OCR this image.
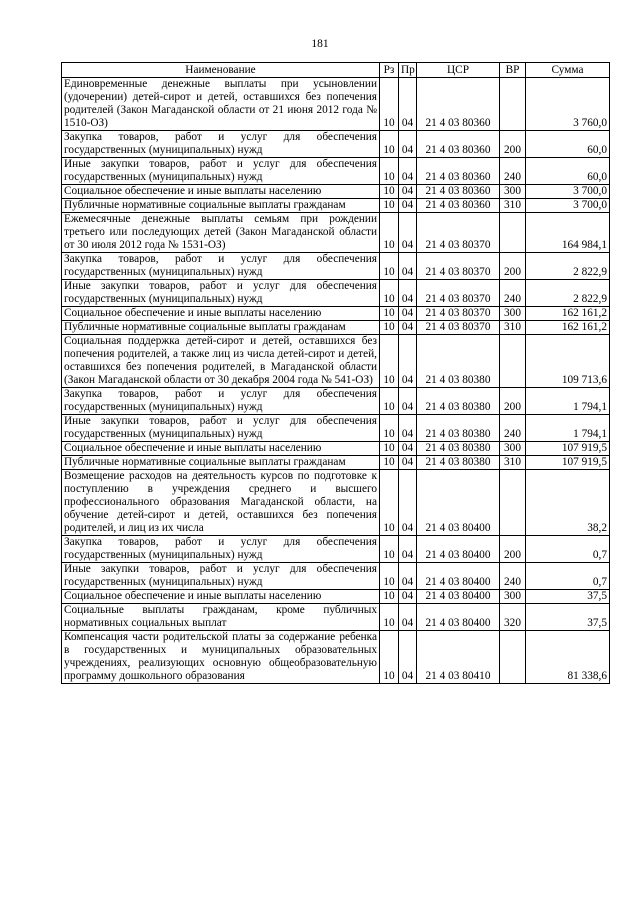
181
Наименование	Рз	Пр	ЦСР	ВР	Сумма
Единовременные денежные выплаты при усыновлении (удочерении) детей-сирот и детей, оставшихся без попечения родителей (Закон Магаданской области от 21 июня 2012 года № 1510-ОЗ)	10	04	21 4 03 80360		3 760,0
Закупка товаров, работ и услуг для обеспечения государственных (муниципальных) нужд	10	04	21 4 03 80360	200	60,0
Иные закупки товаров, работ и услуг для обеспечения государственных (муниципальных) нужд	10	04	21 4 03 80360	240	60,0
Социальное обеспечение и иные выплаты населению	10	04	21 4 03 80360	300	3 700,0
Публичные нормативные социальные выплаты гражданам	10	04	21 4 03 80360	310	3 700,0
Ежемесячные денежные выплаты семьям при рождении третьего или последующих детей (Закон Магаданской области от 30 июля 2012 года № 1531-ОЗ)	10	04	21 4 03 80370		164 984,1
Закупка товаров, работ и услуг для обеспечения государственных (муниципальных) нужд	10	04	21 4 03 80370	200	2 822,9
Иные закупки товаров, работ и услуг для обеспечения государственных (муниципальных) нужд	10	04	21 4 03 80370	240	2 822,9
Социальное обеспечение и иные выплаты населению	10	04	21 4 03 80370	300	162 161,2
Публичные нормативные социальные выплаты гражданам	10	04	21 4 03 80370	310	162 161,2
Социальная поддержка детей-сирот и детей, оставшихся без попечения родителей, а также лиц из числа детей-сирот и детей, оставшихся без попечения родителей, в Магаданской области (Закон Магаданской области от 30 декабря 2004 года № 541-ОЗ)	10	04	21 4 03 80380		109 713,6
Закупка товаров, работ и услуг для обеспечения государственных (муниципальных) нужд	10	04	21 4 03 80380	200	1 794,1
Иные закупки товаров, работ и услуг для обеспечения государственных (муниципальных) нужд	10	04	21 4 03 80380	240	1 794,1
Социальное обеспечение и иные выплаты населению	10	04	21 4 03 80380	300	107 919,5
Публичные нормативные социальные выплаты гражданам	10	04	21 4 03 80380	310	107 919,5
Возмещение расходов на деятельность курсов по подготовке к поступлению в учреждения среднего и высшего профессионального образования Магаданской области, на обучение детей-сирот и детей, оставшихся без попечения родителей, и лиц из их числа	10	04	21 4 03 80400		38,2
Закупка товаров, работ и услуг для обеспечения государственных (муниципальных) нужд	10	04	21 4 03 80400	200	0,7
Иные закупки товаров, работ и услуг для обеспечения государственных (муниципальных) нужд	10	04	21 4 03 80400	240	0,7
Социальное обеспечение и иные выплаты населению	10	04	21 4 03 80400	300	37,5
Социальные выплаты гражданам, кроме публичных нормативных социальных выплат	10	04	21 4 03 80400	320	37,5
Компенсация части родительской платы за содержание ребенка в государственных и муниципальных образовательных учреждениях, реализующих основную общеобразовательную программу дошкольного образования	10	04	21 4 03 80410		81 338,6
